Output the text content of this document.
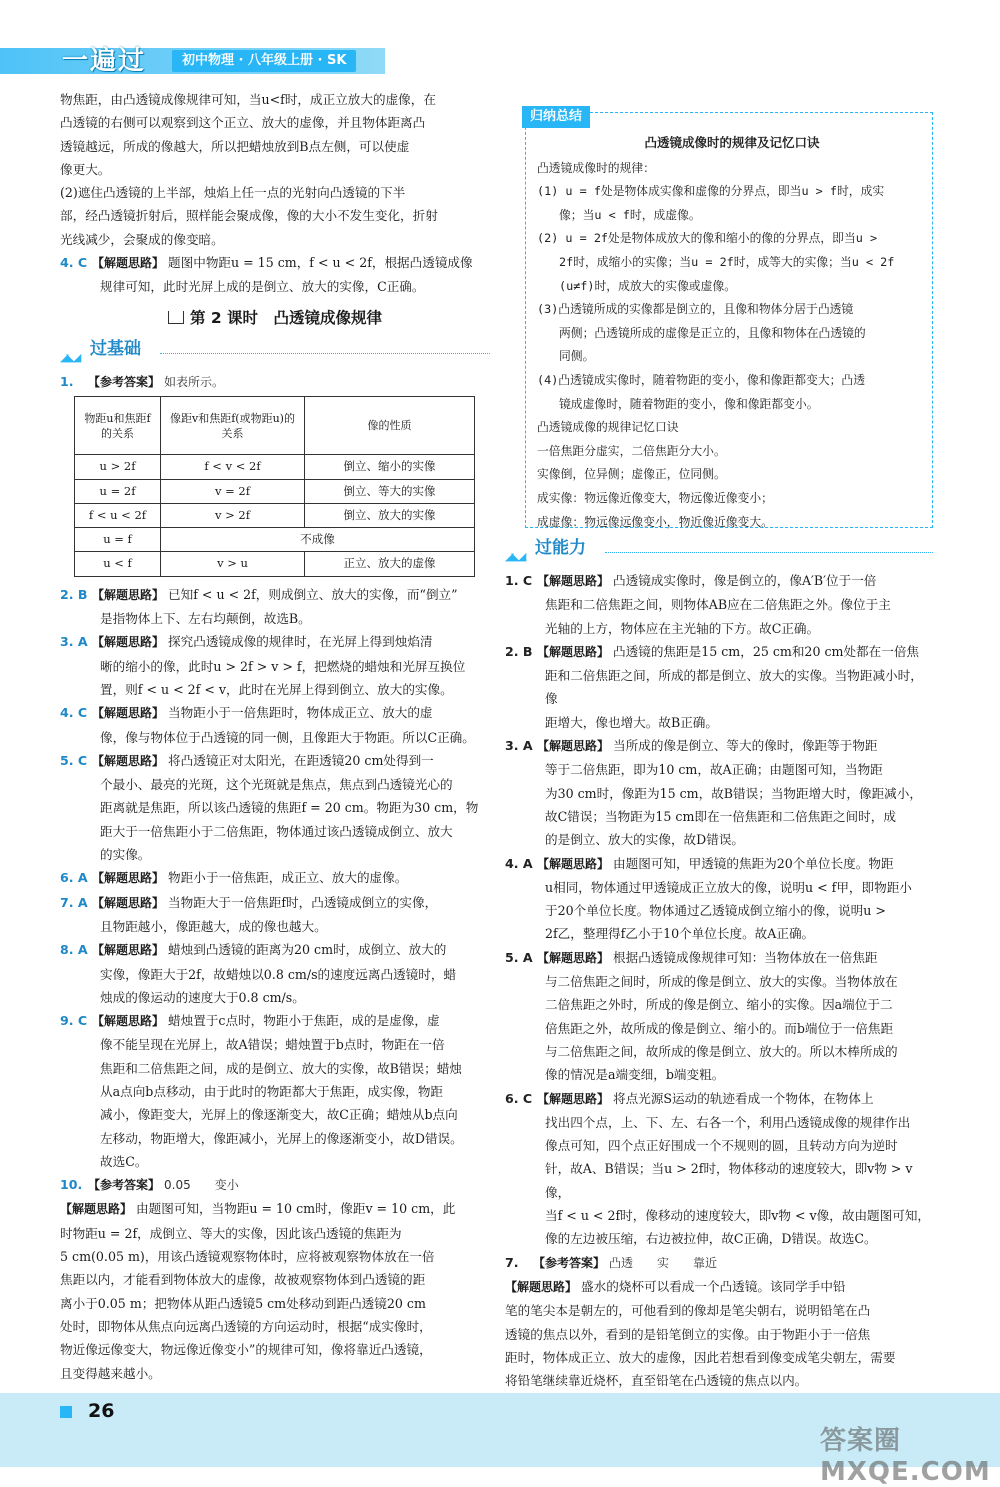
一遍过	初中物理 · 八年级上册 · SK

物焦距，由凸透镜成像规律可知，当u<f时，成正立放大的虚像，在

凸透镜的右侧可以观察到这个正立、放大的虚像，并且物体距离凸

透镜越远，所成的像越大，所以把蜡烛放到B点左侧，可以使虚

像更大。

(2)遮住凸透镜的上半部，烛焰上任一点的光射向凸透镜的下半

部，经凸透镜折射后，照样能会聚成像，像的大小不发生变化，折射

光线减少，会聚成的像变暗。

4. C 【解题思路】 题图中物距u = 15 cm，f < u < 2f，根据凸透镜成像

规律可知，此时光屏上成的是倒立、放大的实像，C正确。

第 2 课时　凸透镜成像规律
◢◣◢ 过基础

1. 【参考答案】 如表所示。

物距u和焦距f的关系	像距v和焦距f(或物距u)的关系	像的性质
u > 2f	f < v < 2f	倒立、缩小的实像
u = 2f	v = 2f	倒立、等大的实像
f < u < 2f	v > 2f	倒立、放大的实像
u = f	不成像	
u < f	v > u	正立、放大的虚像

2. B 【解题思路】 已知f < u < 2f，则成倒立、放大的实像，而“倒立”

是指物体上下、左右均颠倒，故选B。

3. A 【解题思路】 探究凸透镜成像的规律时，在光屏上得到烛焰清

晰的缩小的像，此时u > 2f > v > f，把燃烧的蜡烛和光屏互换位

置，则f < u < 2f < v，此时在光屏上得到倒立、放大的实像。

4. C 【解题思路】 当物距小于一倍焦距时，物体成正立、放大的虚

像，像与物体位于凸透镜的同一侧，且像距大于物距。所以C正确。

5. C 【解题思路】 将凸透镜正对太阳光，在距透镜20 cm处得到一

个最小、最亮的光斑，这个光斑就是焦点，焦点到凸透镜光心的

距离就是焦距，所以该凸透镜的焦距f = 20 cm。物距为30 cm，物

距大于一倍焦距小于二倍焦距，物体通过该凸透镜成倒立、放大

的实像。

6. A 【解题思路】 物距小于一倍焦距，成正立、放大的虚像。

7. A 【解题思路】 当物距大于一倍焦距f时，凸透镜成倒立的实像，

且物距越小，像距越大，成的像也越大。

8. A 【解题思路】 蜡烛到凸透镜的距离为20 cm时，成倒立、放大的

实像，像距大于2f，故蜡烛以0.8 cm/s的速度远离凸透镜时，蜡

烛成的像运动的速度大于0.8 cm/s。

9. C 【解题思路】 蜡烛置于c点时，物距小于焦距，成的是虚像，虚

像不能呈现在光屏上，故A错误；蜡烛置于b点时，物距在一倍

焦距和二倍焦距之间，成的是倒立、放大的实像，故B错误；蜡烛

从a点向b点移动，由于此时的物距都大于焦距，成实像，物距

减小，像距变大，光屏上的像逐渐变大，故C正确；蜡烛从b点向

左移动，物距增大，像距减小，光屏上的像逐渐变小，故D错误。

故选C。

10. 【参考答案】 0.05　　变小

【解题思路】 由题图可知，当物距u = 10 cm时，像距v = 10 cm，此

时物距u = 2f，成倒立、等大的实像，因此该凸透镜的焦距为

5 cm(0.05 m)，用该凸透镜观察物体时，应将被观察物体放在一倍

焦距以内，才能看到物体放大的虚像，故被观察物体到凸透镜的距

离小于0.05 m；把物体从距凸透镜5 cm处移动到距凸透镜20 cm

处时，即物体从焦点向远离凸透镜的方向运动时，根据“成实像时，

物近像远像变大，物远像近像变小”的规律可知，像将靠近凸透镜，

且变得越来越小。

归纳总结
凸透镜成像时的规律及记忆口诀

凸透镜成像时的规律：

(1) u = f处是物体成实像和虚像的分界点，即当u > f时，成实

像；当u < f时，成虚像。

(2) u = 2f处是物体成放大的像和缩小的像的分界点，即当u >

2f时，成缩小的实像；当u = 2f时，成等大的实像；当u < 2f

(u≠f)时，成放大的实像或虚像。

(3)凸透镜所成的实像都是倒立的，且像和物体分居于凸透镜

两侧；凸透镜所成的虚像是正立的，且像和物体在凸透镜的

同侧。

(4)凸透镜成实像时，随着物距的变小，像和像距都变大；凸透

镜成虚像时，随着物距的变小，像和像距都变小。

凸透镜成像的规律记忆口诀

一倍焦距分虚实，二倍焦距分大小。

实像倒，位异侧；虚像正，位同侧。

成实像：物远像近像变大，物远像近像变小；

成虚像：物远像远像变小，物近像近像变大。

◢◣◢ 过能力

1. C 【解题思路】 凸透镜成实像时，像是倒立的，像A′B′位于一倍

焦距和二倍焦距之间，则物体AB应在二倍焦距之外。像位于主

光轴的上方，物体应在主光轴的下方。故C正确。

2. B 【解题思路】 凸透镜的焦距是15 cm，25 cm和20 cm处都在一倍焦

距和二倍焦距之间，所成的都是倒立、放大的实像。当物距减小时，像

距增大，像也增大。故B正确。

3. A 【解题思路】 当所成的像是倒立、等大的像时，像距等于物距

等于二倍焦距，即为10 cm，故A正确；由题图可知，当物距

为30 cm时，像距为15 cm，故B错误；当物距增大时，像距减小，

故C错误；当物距为15 cm即在一倍焦距和二倍焦距之间时，成

的是倒立、放大的实像，故D错误。

4. A 【解题思路】 由题图可知，甲透镜的焦距为20个单位长度。物距

u相同，物体通过甲透镜成正立放大的像，说明u < f甲，即物距小

于20个单位长度。物体通过乙透镜成倒立缩小的像，说明u >

2f乙，整理得f乙小于10个单位长度。故A正确。

5. A 【解题思路】 根据凸透镜成像规律可知：当物体放在一倍焦距

与二倍焦距之间时，所成的像是倒立、放大的实像。当物体放在

二倍焦距之外时，所成的像是倒立、缩小的实像。因a端位于二

倍焦距之外，故所成的像是倒立、缩小的。而b端位于一倍焦距

与二倍焦距之间，故所成的像是倒立、放大的。所以木棒所成的

像的情况是a端变细，b端变粗。

6. C 【解题思路】 将点光源S运动的轨迹看成一个物体，在物体上

找出四个点，上、下、左、右各一个，利用凸透镜成像的规律作出

像点可知，四个点正好围成一个不规则的圆，且转动方向为逆时

针，故A、B错误；当u > 2f时，物体移动的速度较大，即v物 > v像，

当f < u < 2f时，像移动的速度较大，即v物 < v像，故由题图可知，

像的左边被压缩，右边被拉伸，故C正确，D错误。故选C。

7. 【参考答案】 凸透　　实　　靠近

【解题思路】 盛水的烧杯可以看成一个凸透镜。该同学手中铅

笔的笔尖本是朝左的，可他看到的像却是笔尖朝右，说明铅笔在凸

透镜的焦点以外，看到的是铅笔倒立的实像。由于物距小于一倍焦

距时，物体成正立、放大的虚像，因此若想看到像变成笔尖朝左，需要

将铅笔继续靠近烧杯，直至铅笔在凸透镜的焦点以内。

26
答案圈 MXQE.COM
